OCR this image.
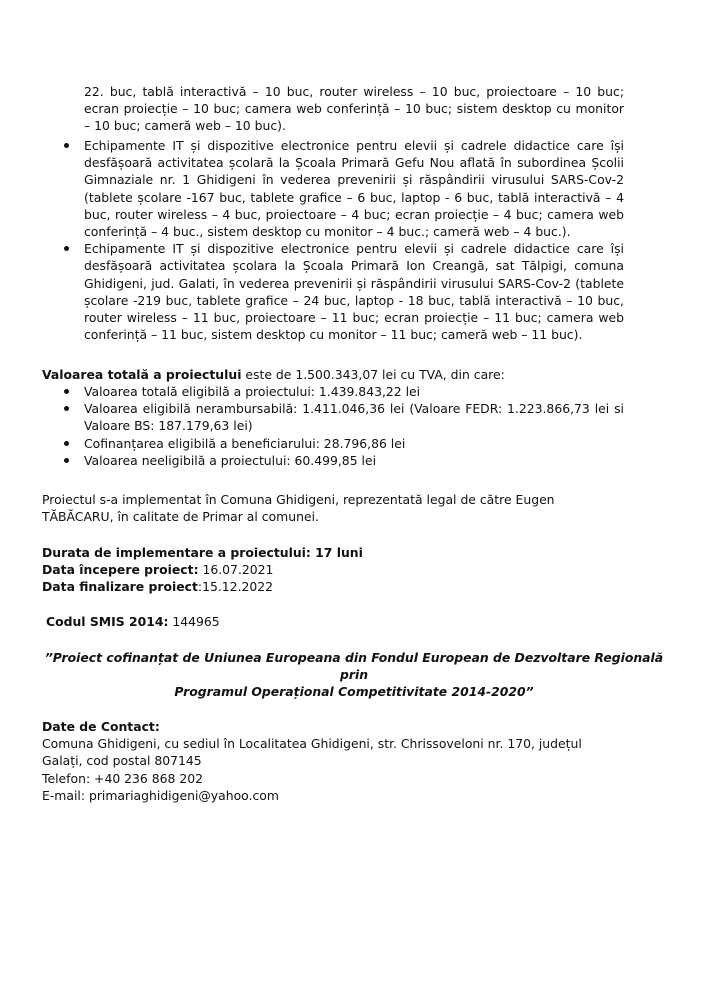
22. buc, tablă interactivă – 10 buc, router wireless – 10 buc, proiectoare – 10 buc; ecran proiecție – 10 buc; camera web conferință – 10 buc; sistem desktop cu monitor – 10 buc; cameră web – 10 buc).
Echipamente IT și dispozitive electronice pentru elevii și cadrele didactice care își desfășoară activitatea școlară la Școala Primară Gefu Nou aflată în subordinea Școlii Gimnaziale nr. 1 Ghidigeni în vederea prevenirii și răspândirii virusului SARS-Cov-2 (tablete școlare -167 buc, tablete grafice – 6 buc, laptop - 6 buc, tablă interactivă – 4 buc, router wireless – 4 buc, proiectoare – 4 buc; ecran proiecție – 4 buc; camera web conferință – 4 buc., sistem desktop cu monitor – 4 buc.; cameră web – 4 buc.).
Echipamente IT și dispozitive electronice pentru elevii și cadrele didactice care își desfășoară activitatea școlara la Școala Primară Ion Creangă, sat Tălpigi, comuna Ghidigeni, jud. Galati, în vederea prevenirii și răspândirii virusului SARS-Cov-2 (tablete școlare -219 buc, tablete grafice – 24 buc, laptop - 18 buc, tablă interactivă – 10 buc, router wireless – 11 buc, proiectoare – 11 buc; ecran proiecție – 11 buc; camera web conferință – 11 buc, sistem desktop cu monitor – 11 buc; cameră web – 11 buc).
Valoarea totală a proiectului este de 1.500.343,07 lei cu TVA, din care:
Valoarea totală eligibilă a proiectului: 1.439.843,22 lei
Valoarea eligibilă nerambursabilă: 1.411.046,36 lei (Valoare FEDR: 1.223.866,73 lei si Valoare BS: 187.179,63 lei)
Cofinanțarea eligibilă a beneficiarului: 28.796,86 lei
Valoarea neeligibilă a proiectului: 60.499,85 lei
Proiectul s-a implementat în Comuna Ghidigeni, reprezentată legal de către Eugen TĂBĂCARU, în calitate de Primar al comunei.
Durata de implementare a proiectului: 17 luni
Data începere proiect: 16.07.2021
Data finalizare proiect:15.12.2022
Codul SMIS 2014: 144965
”Proiect cofinanțat de Uniunea Europeana din Fondul European de Dezvoltare Regională prin
Programul Operațional Competitivitate 2014-2020”
Date de Contact:
Comuna Ghidigeni, cu sediul în Localitatea Ghidigeni, str. Chrissoveloni nr. 170, județul Galați, cod postal 807145
Telefon: +40 236 868 202
E-mail: primariaghidigeni@yahoo.com
